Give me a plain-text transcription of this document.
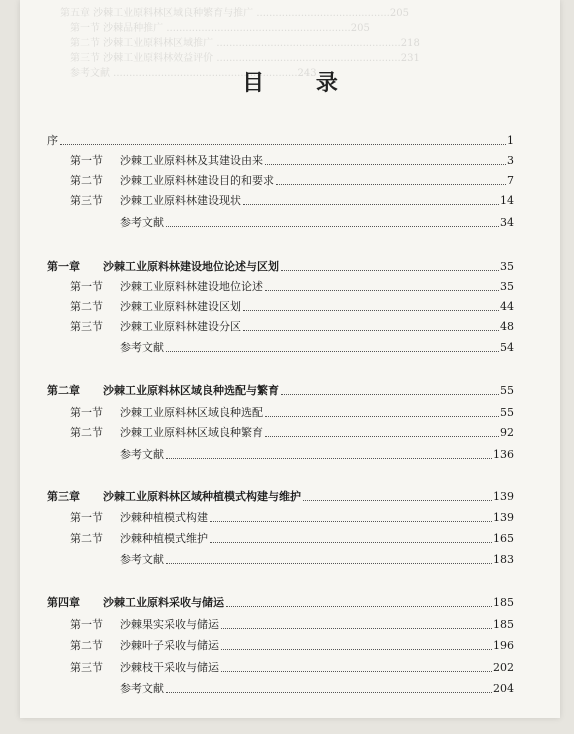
第五章 沙棘工业原料林区域良种繁育与推广 ..........................................205
　第一节 沙棘品种推广 ..........................................................205
　第二节 沙棘工业原料林区域推广 ..........................................................218
　第三节 沙棘工业原料林效益评价 ..........................................................231
　参考文献 ..........................................................243
目 录
序	1
第一节 沙棘工业原料林及其建设由来	3
第二节 沙棘工业原料林建设目的和要求	7
第三节 沙棘工业原料林建设现状	14
参考文献	34
第一章 沙棘工业原料林建设地位论述与区划	35
第一节 沙棘工业原料林建设地位论述	35
第二节 沙棘工业原料林建设区划	44
第三节 沙棘工业原料林建设分区	48
参考文献	54
第二章 沙棘工业原料林区域良种选配与繁育	55
第一节 沙棘工业原料林区域良种选配	55
第二节 沙棘工业原料林区域良种繁育	92
参考文献	136
第三章 沙棘工业原料林区域种植模式构建与维护	139
第一节 沙棘种植模式构建	139
第二节 沙棘种植模式维护	165
参考文献	183
第四章 沙棘工业原料采收与储运	185
第一节 沙棘果实采收与储运	185
第二节 沙棘叶子采收与储运	196
第三节 沙棘枝干采收与储运	202
参考文献	204
